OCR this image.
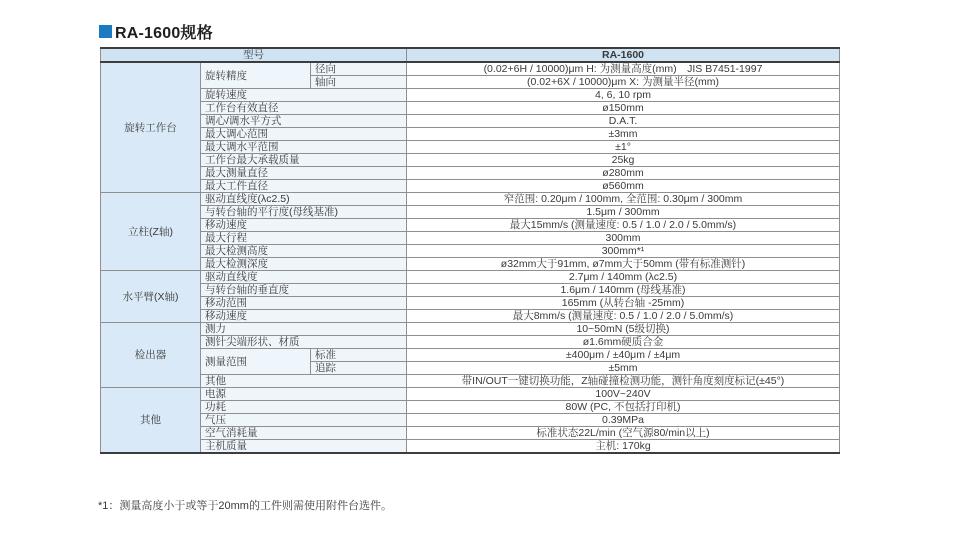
RA-1600规格
型号			RA-1600
旋转工作台	旋转精度	径向	(0.02+6H / 10000)μm H: 为测量高度(mm)　JIS B7451-1997
		轴向	(0.02+6X / 10000)μm X: 为测量半径(mm)
	旋转速度		4, 6, 10 rpm
	工作台有效直径		ø150mm
	调心/调水平方式		D.A.T.
	最大调心范围		±3mm
	最大调水平范围		±1°
	工作台最大承载质量		25kg
	最大测量直径		ø280mm
	最大工件直径		ø560mm
立柱(Z轴)	驱动直线度(λc2.5)		窄范围: 0.20μm / 100mm, 全范围: 0.30μm / 300mm
	与转台轴的平行度(母线基准)		1.5μm / 300mm
	移动速度		最大15mm/s (测量速度: 0.5 / 1.0 / 2.0 / 5.0mm/s)
	最大行程		300mm
	最大检测高度		300mm*¹
	最大检测深度		ø32mm大于91mm, ø7mm大于50mm (带有标准测针)
水平臂(X轴)	驱动直线度		2.7μm / 140mm (λc2.5)
	与转台轴的垂直度		1.6μm / 140mm (母线基准)
	移动范围		165mm (从转台轴 -25mm)
	移动速度		最大8mm/s (测量速度: 0.5 / 1.0 / 2.0 / 5.0mm/s)
检出器	测力		10~50mN (5级切换)
	测针尖端形状、材质		ø1.6mm硬质合金
	测量范围	标准	±400μm / ±40μm / ±4μm
		追踪	±5mm
	其他		带IN/OUT一键切换功能，Z轴碰撞检测功能，测针角度刻度标记(±45°)
其他	电源		100V~240V
	功耗		80W (PC, 不包括打印机)
	气压		0.39MPa
	空气消耗量		标准状态22L/min (空气源80/min以上)
	主机质量		主机: 170kg
*1：测量高度小于或等于20mm的工件则需使用附件台选件。
